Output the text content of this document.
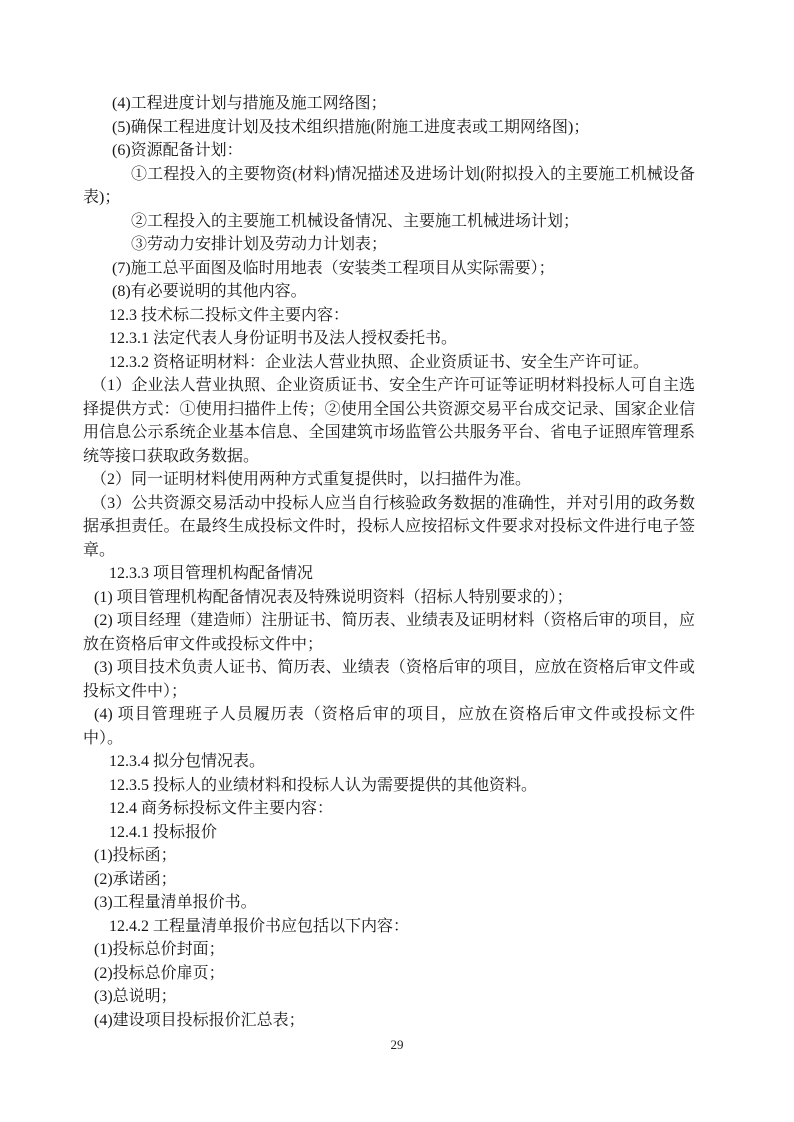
(4)工程进度计划与措施及施工网络图；

(5)确保工程进度计划及技术组织措施(附施工进度表或工期网络图)；

(6)资源配备计划：

①工程投入的主要物资(材料)情况描述及进场计划(附拟投入的主要施工机械设备表)；

②工程投入的主要施工机械设备情况、主要施工机械进场计划；

③劳动力安排计划及劳动力计划表；

(7)施工总平面图及临时用地表（安装类工程项目从实际需要）；

(8)有必要说明的其他内容。

12.3 技术标二投标文件主要内容：

12.3.1 法定代表人身份证明书及法人授权委托书。

12.3.2 资格证明材料：企业法人营业执照、企业资质证书、安全生产许可证。

（1）企业法人营业执照、企业资质证书、安全生产许可证等证明材料投标人可自主选择提供方式：①使用扫描件上传；②使用全国公共资源交易平台成交记录、国家企业信用信息公示系统企业基本信息、全国建筑市场监管公共服务平台、省电子证照库管理系统等接口获取政务数据。

（2）同一证明材料使用两种方式重复提供时，以扫描件为准。

（3）公共资源交易活动中投标人应当自行核验政务数据的准确性，并对引用的政务数据承担责任。在最终生成投标文件时，投标人应按招标文件要求对投标文件进行电子签章。

12.3.3 项目管理机构配备情况

(1) 项目管理机构配备情况表及特殊说明资料（招标人特别要求的）；

(2) 项目经理（建造师）注册证书、简历表、业绩表及证明材料（资格后审的项目，应放在资格后审文件或投标文件中；

(3) 项目技术负责人证书、简历表、业绩表（资格后审的项目，应放在资格后审文件或投标文件中）；

(4) 项目管理班子人员履历表（资格后审的项目，应放在资格后审文件或投标文件中）。

12.3.4 拟分包情况表。

12.3.5 投标人的业绩材料和投标人认为需要提供的其他资料。

12.4 商务标投标文件主要内容：

12.4.1 投标报价

(1)投标函；

(2)承诺函；

(3)工程量清单报价书。

12.4.2 工程量清单报价书应包括以下内容：

(1)投标总价封面；

(2)投标总价扉页；

(3)总说明；

(4)建设项目投标报价汇总表；

29
